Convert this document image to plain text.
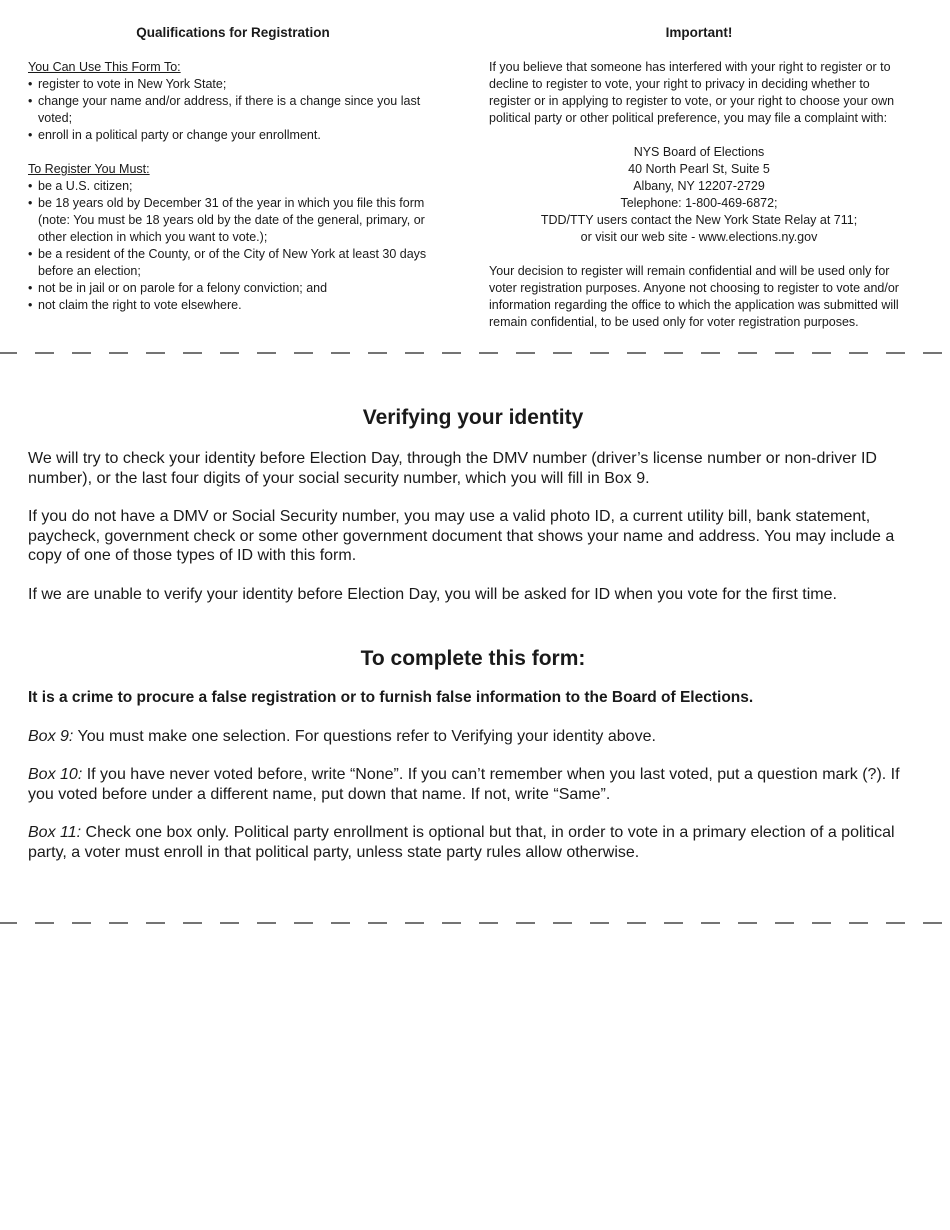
Qualifications for Registration

You Can Use This Form To:

• register to vote in New York State;
• change your name and/or address, if there is a change since you last voted;
• enroll in a political party or change your enrollment.

To Register You Must:

• be a U.S. citizen;
• be 18 years old by December 31 of the year in which you file this form (note: You must be 18 years old by the date of the general, primary, or other election in which you want to vote.);
• be a resident of the County, or of the City of New York at least 30 days before an election;
• not be in jail or on parole for a felony conviction; and
• not claim the right to vote elsewhere.

Important!

If you believe that someone has interfered with your right to register or to decline to register to vote, your right to privacy in deciding whether to register or in applying to register to vote, or your right to choose your own political party or other political preference, you may file a complaint with:

NYS Board of Elections
40 North Pearl St, Suite 5
Albany, NY 12207-2729
Telephone: 1-800-469-6872;
TDD/TTY users contact the New York State Relay at 711;
or visit our web site - www.elections.ny.gov

Your decision to register will remain confidential and will be used only for voter registration purposes. Anyone not choosing to register to vote and/or information regarding the office to which the application was submitted will remain confidential, to be used only for voter registration purposes.

Verifying your identity

We will try to check your identity before Election Day, through the DMV number (driver’s license number or non-driver ID number), or the last four digits of your social security number, which you will fill in Box 9.

If you do not have a DMV or Social Security number, you may use a valid photo ID, a current utility bill, bank statement, paycheck, government check or some other government document that shows your name and address. You may include a copy of one of those types of ID with this form.

If we are unable to verify your identity before Election Day, you will be asked for ID when you vote for the first time.

To complete this form:

It is a crime to procure a false registration or to furnish false information to the Board of Elections.

Box 9: You must make one selection. For questions refer to Verifying your identity above.

Box 10: If you have never voted before, write “None”. If you can’t remember when you last voted, put a question mark (?). If you voted before under a different name, put down that name. If not, write “Same”.

Box 11: Check one box only. Political party enrollment is optional but that, in order to vote in a primary election of a political party, a voter must enroll in that political party, unless state party rules allow otherwise.
